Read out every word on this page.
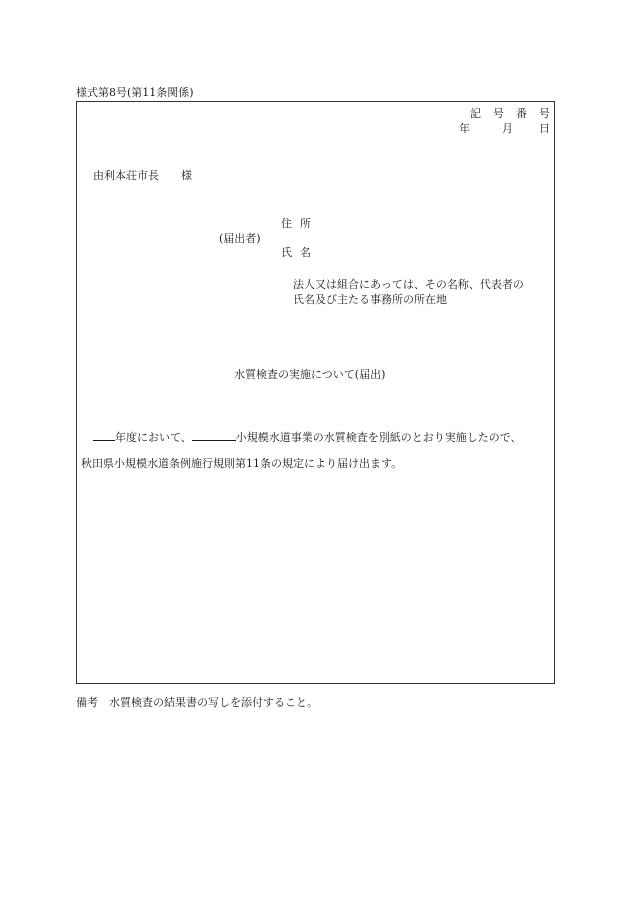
様式第8号(第11条関係)
記号番号
年	月 日
由利本荘市長　　様
住所
(届出者)
氏名
法人又は組合にあっては、その名称、代表者の
氏名及び主たる事務所の所在地
水質検査の実施について(届出)
年度において、	小規模水道事業の水質検査を別紙のとおり実施したので、
秋田県小規模水道条例施行規則第11条の規定により届け出ます。
備考　水質検査の結果書の写しを添付すること。
